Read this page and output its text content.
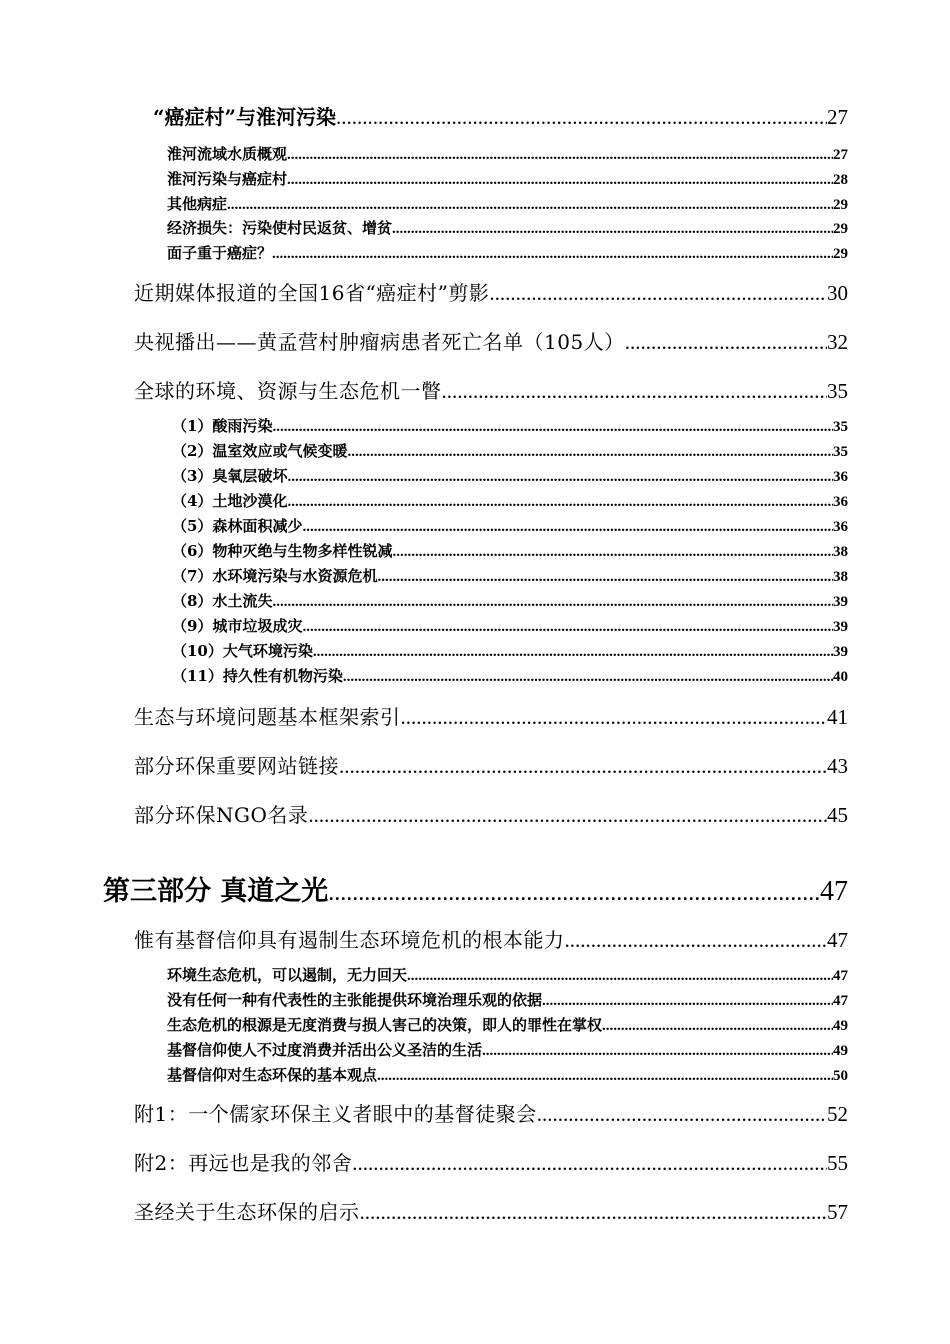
“癌症村”与淮河污染 .....	27
淮河流域水质概观 .....	27
淮河污染与癌症村 .....	28
其他病症 .....	29
经济损失：污染使村民返贫、增贫 .....	29
面子重于癌症？ .....	29
近期媒体报道的全国16省“癌症村”剪影 .....	30
央视播出——黄孟营村肿瘤病患者死亡名单（105人） .....	32
全球的环境、资源与生态危机一瞥 .....	35
（1）酸雨污染 .....	35
（2）温室效应或气候变暖 .....	35
（3）臭氧层破坏 .....	36
（4）土地沙漠化 .....	36
（5）森林面积减少 .....	36
（6）物种灭绝与生物多样性锐减 .....	38
（7）水环境污染与水资源危机 .....	38
（8）水土流失 .....	39
（9）城市垃圾成灾 .....	39
（10）大气环境污染 .....	39
（11）持久性有机物污染 .....	40
生态与环境问题基本框架索引 .....	41
部分环保重要网站链接 .....	43
部分环保NGO名录 .....	45
第三部分 真道之光 .....	47
惟有基督信仰具有遏制生态环境危机的根本能力 .....	47
环境生态危机，可以遏制，无力回天 .....	47
没有任何一种有代表性的主张能提供环境治理乐观的依据 .....	47
生态危机的根源是无度消费与损人害己的决策，即人的罪性在掌权 .....	49
基督信仰使人不过度消费并活出公义圣洁的生活 .....	49
基督信仰对生态环保的基本观点 .....	50
附1：一个儒家环保主义者眼中的基督徒聚会 .....	52
附2：再远也是我的邻舍 .....	55
圣经关于生态环保的启示 .....	57
